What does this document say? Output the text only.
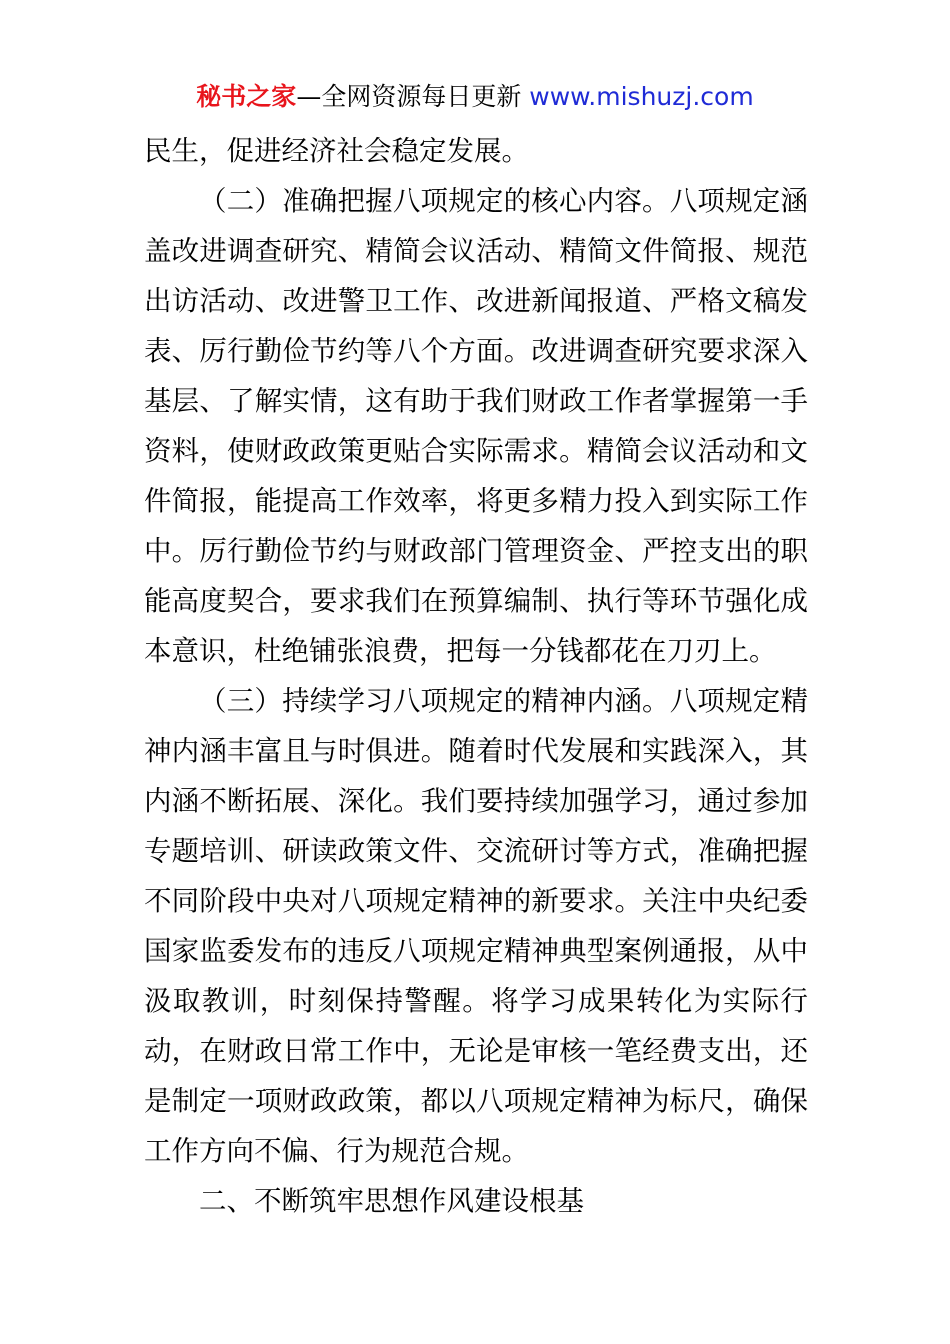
秘书之家—全网资源每日更新 www.mishuzj.com

民生，促进经济社会稳定发展。

（二）准确把握八项规定的核心内容。八项规定涵盖改进调查研究、精简会议活动、精简文件简报、规范出访活动、改进警卫工作、改进新闻报道、严格文稿发表、厉行勤俭节约等八个方面。改进调查研究要求深入基层、了解实情，这有助于我们财政工作者掌握第一手资料，使财政政策更贴合实际需求。精简会议活动和文件简报，能提高工作效率，将更多精力投入到实际工作中。厉行勤俭节约与财政部门管理资金、严控支出的职能高度契合，要求我们在预算编制、执行等环节强化成本意识，杜绝铺张浪费，把每一分钱都花在刀刃上。

（三）持续学习八项规定的精神内涵。八项规定精神内涵丰富且与时俱进。随着时代发展和实践深入，其内涵不断拓展、深化。我们要持续加强学习，通过参加专题培训、研读政策文件、交流研讨等方式，准确把握不同阶段中央对八项规定精神的新要求。关注中央纪委国家监委发布的违反八项规定精神典型案例通报，从中汲取教训，时刻保持警醒。将学习成果转化为实际行动，在财政日常工作中，无论是审核一笔经费支出，还是制定一项财政政策，都以八项规定精神为标尺，确保工作方向不偏、行为规范合规。

二、不断筑牢思想作风建设根基
